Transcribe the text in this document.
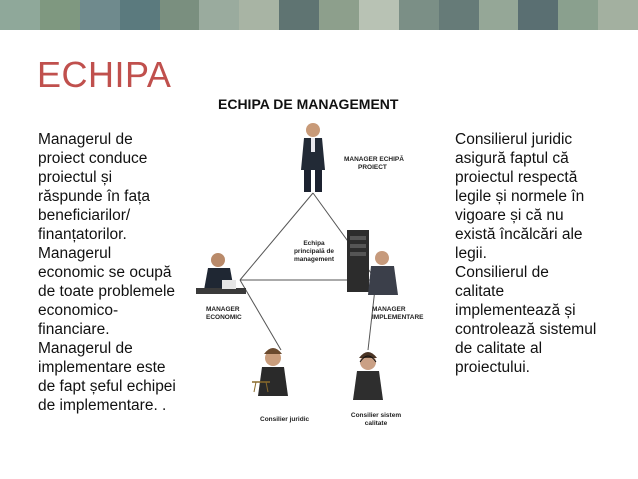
ECHIPA
ECHIPA DE MANAGEMENT
Managerul de
proiect conduce
proiectul și
răspunde în fața
beneficiarilor/
finanțatorilor.
Managerul
economic se ocupă
de toate problemele
economico-
financiare.
Managerul de
implementare este
de fapt șeful echipei
de implementare. .
Consilierul juridic
asigură faptul că
proiectul respectă
legile și normele în
vigoare și că nu
există încălcări ale
legii.
Consilierul de
calitate
implementează și
controlează sistemul
de calitate al
proiectului.
MANAGER ECHIPĂ
PROIECT
Echipa
principală de
management
MANAGER
ECONOMIC
MANAGER
IMPLEMENTARE
Consilier juridic
Consilier sistem
calitate
